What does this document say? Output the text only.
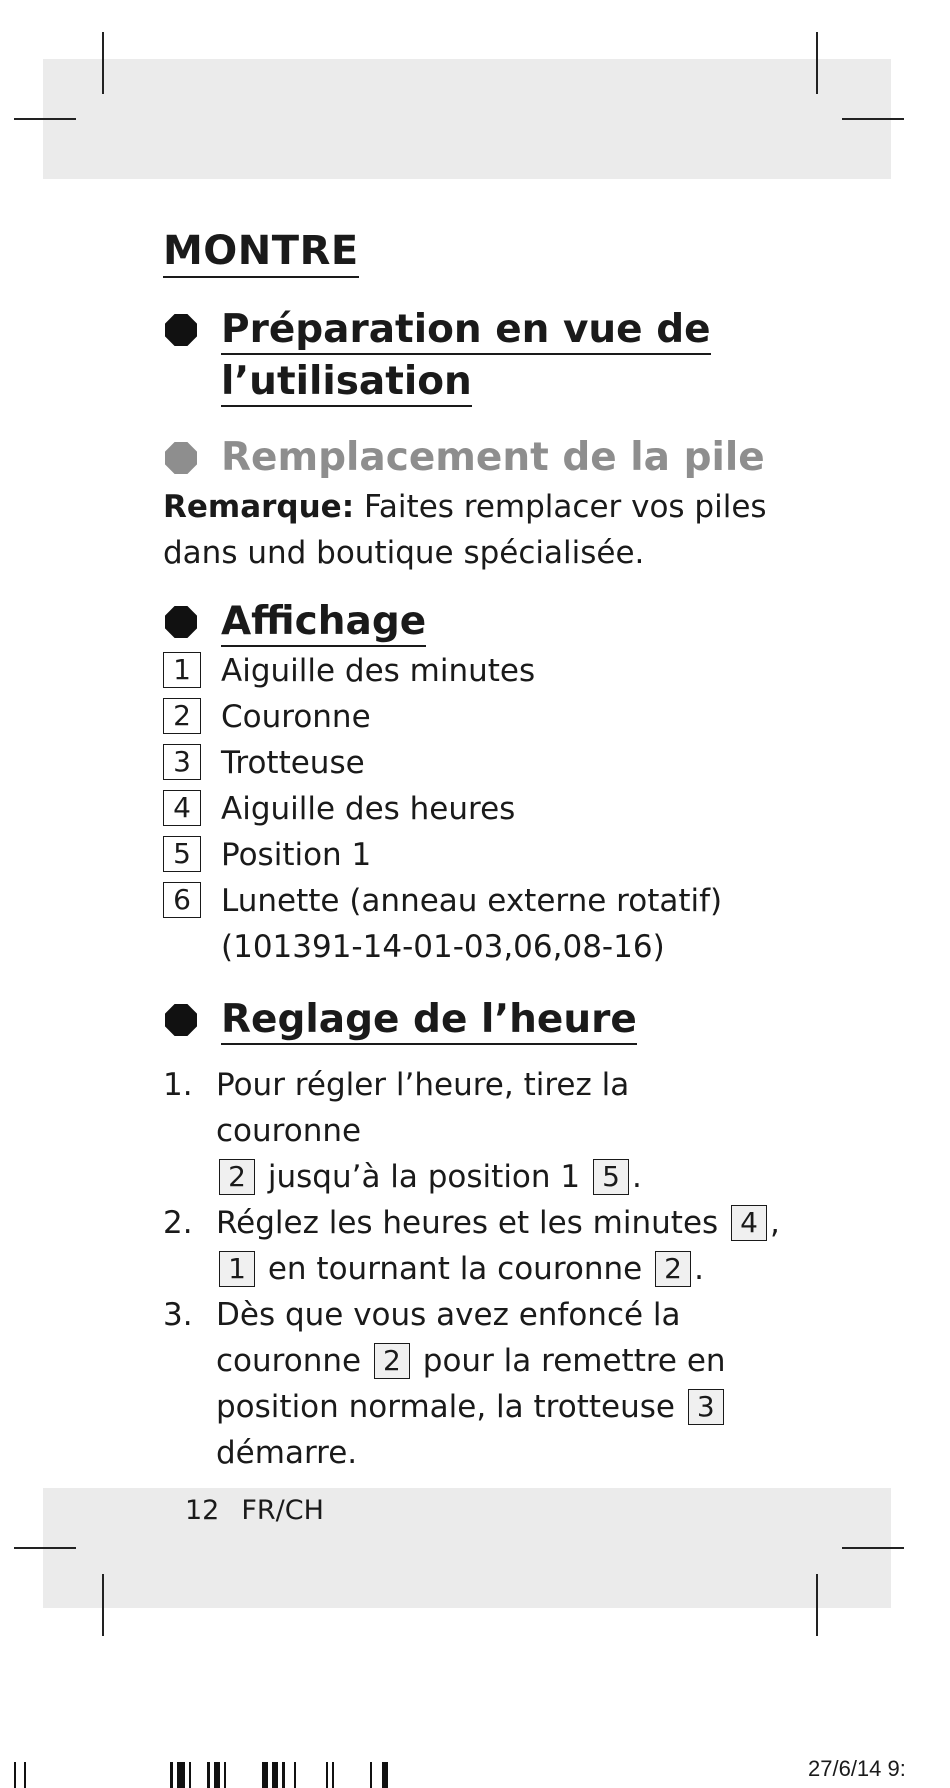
MONTRE
Préparation en vue de
l’utilisation
Remplacement de la pile

Remarque: Faites remplacer vos piles
dans und boutique spécialisée.

Affichage
1 Aiguille des minutes
2 Couronne
3 Trotteuse
4 Aiguille des heures
5 Position 1
6 Lunette (anneau externe rotatif)
(101391-14-01-03,06,08-16)
Reglage de l’heure
1. Pour régler l’heure, tirez la couronne
2 jusqu’à la position 1 5 .
2. Réglez les heures et les minutes 4 ,
1 en tournant la couronne 2 .
3. Dès que vous avez enfoncé la
couronne 2 pour la remettre en
position normale, la trotteuse 3
démarre.
12 FR/CH
27/6/14 9:
